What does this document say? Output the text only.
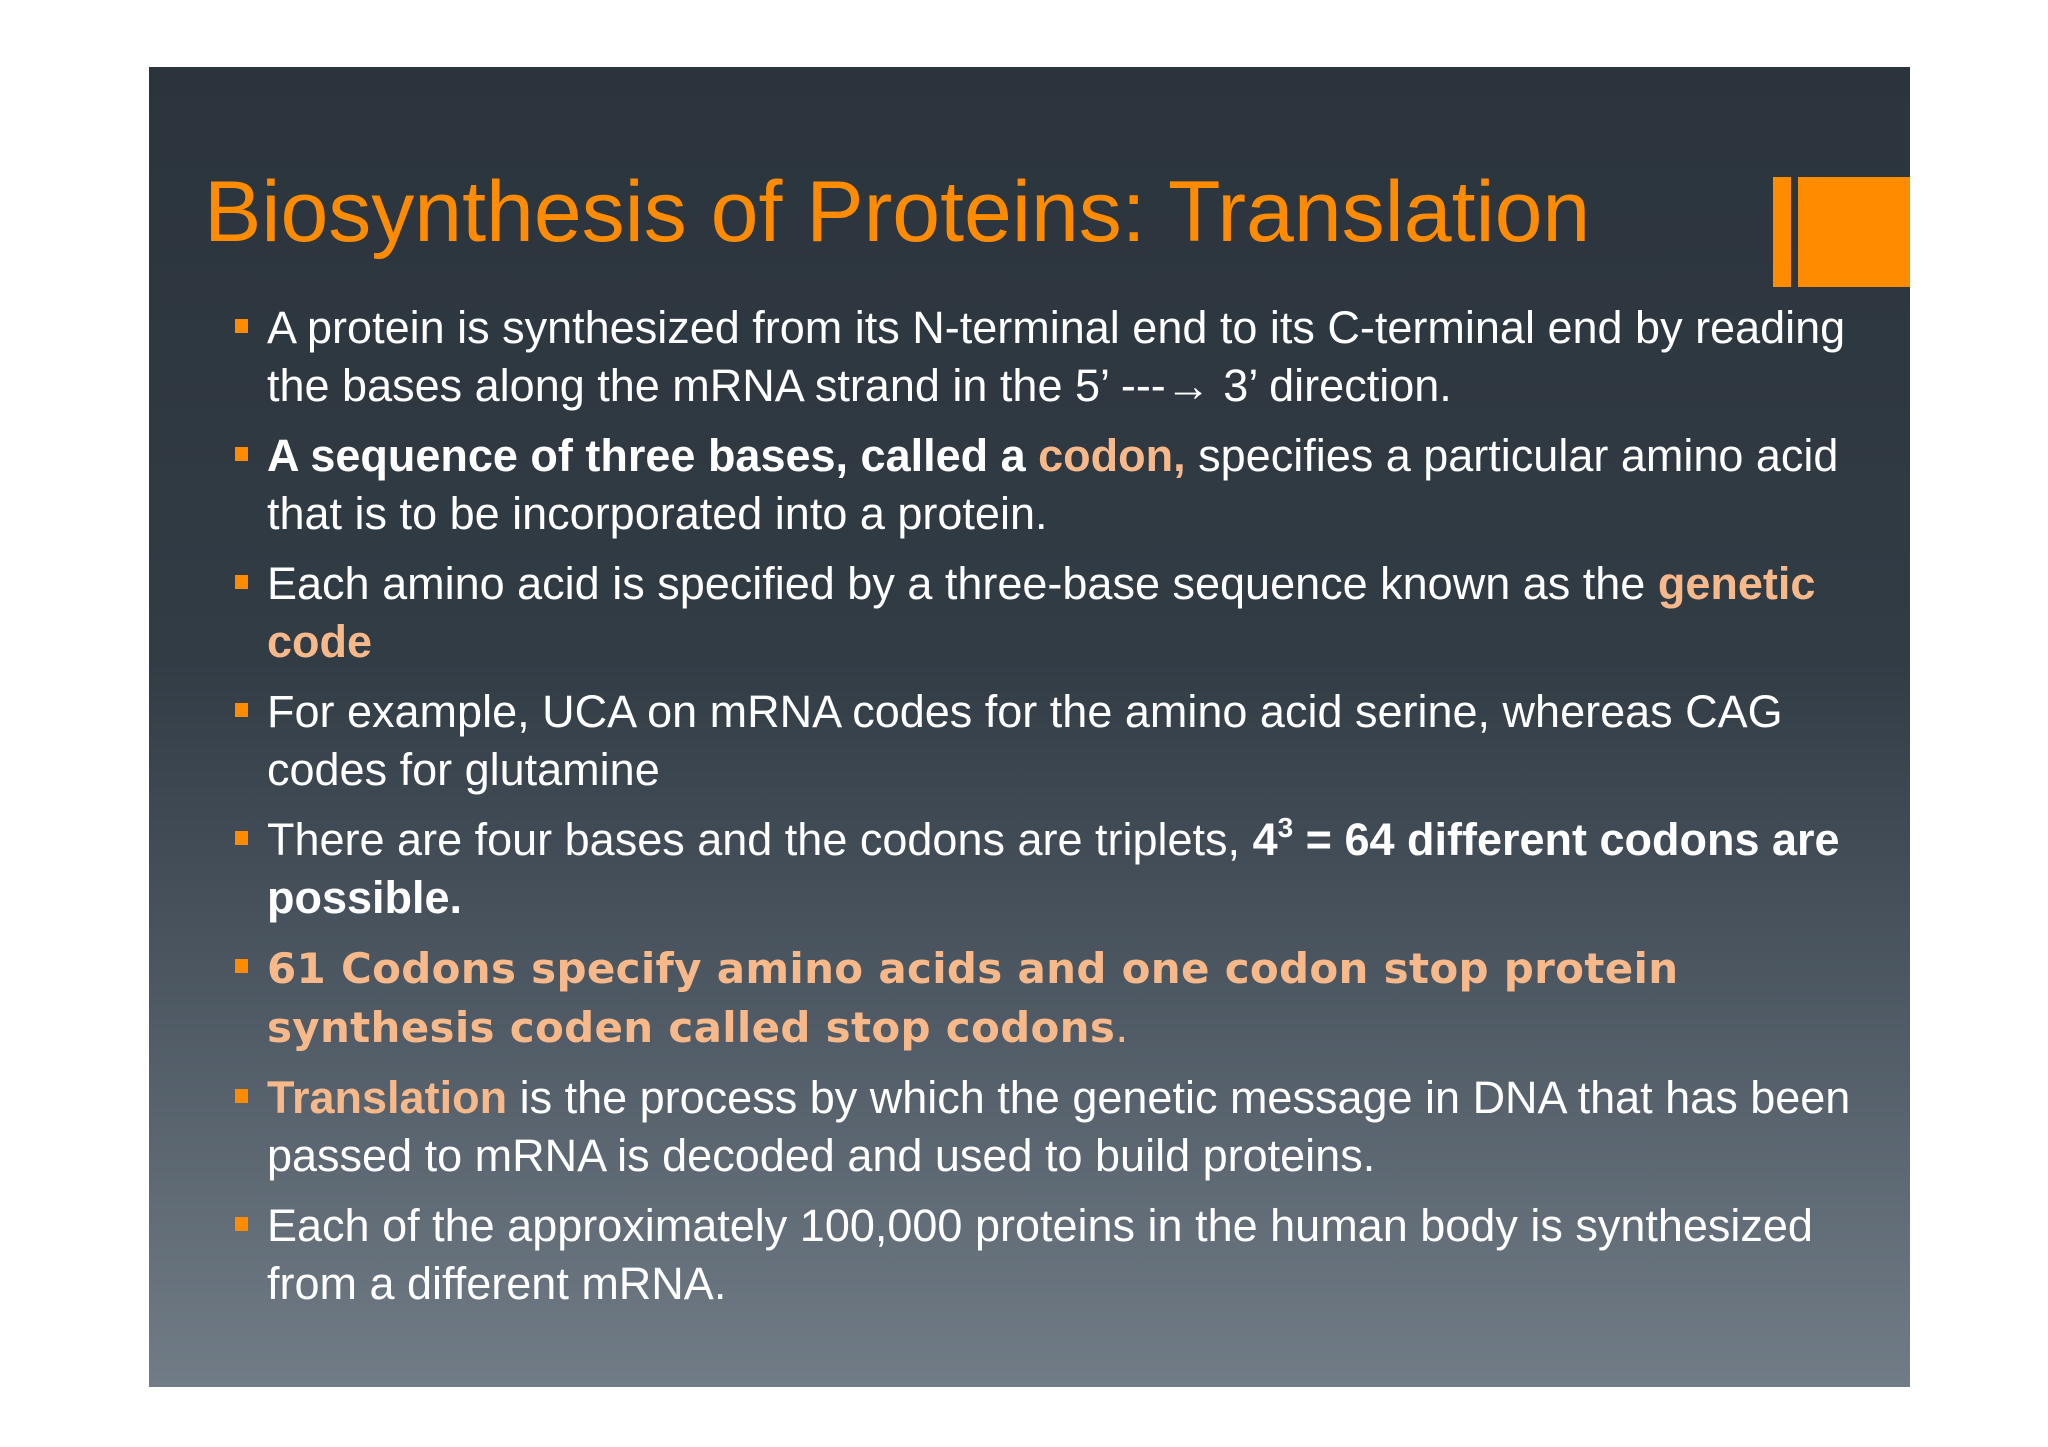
Biosynthesis of Proteins: Translation
A protein is synthesized from its N-terminal end to its C-terminal end by reading the bases along the mRNA strand in the 5’ ---→ 3’ direction.
A sequence of three bases, called a codon, specifies a particular amino acid that is to be incorporated into a protein.
Each amino acid is specified by a three-base sequence known as the genetic code
For example, UCA on mRNA codes for the amino acid serine, whereas CAG codes for glutamine
There are four bases and the codons are triplets, $4^3 = 64$ different codons are possible.
61 Codons specify amino acids and one codon stop protein synthesis coden called stop codons.
Translation is the process by which the genetic message in DNA that has been passed to mRNA is decoded and used to build proteins.
Each of the approximately 100,000 proteins in the human body is synthesized from a different mRNA.
